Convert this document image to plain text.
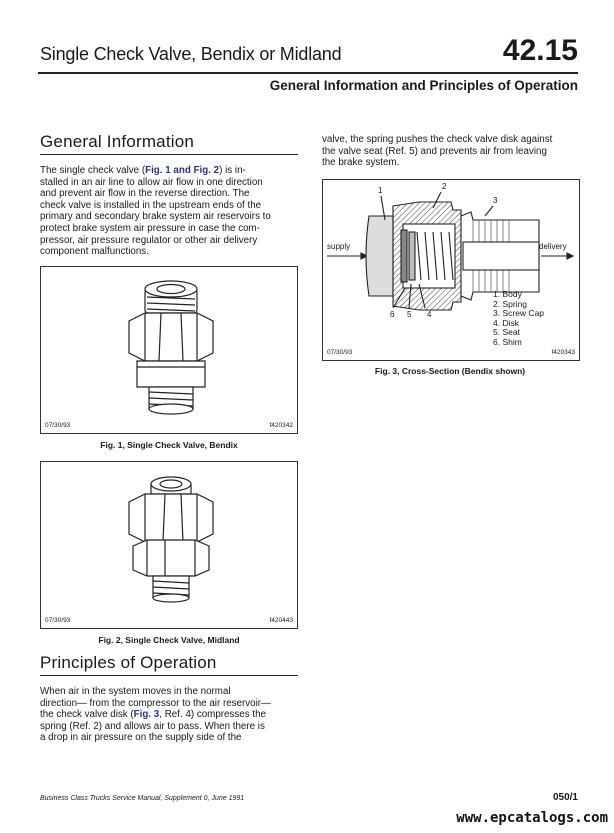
Single Check Valve, Bendix or Midland	42.15
General Information and Principles of Operation
General Information
The single check valve (Fig. 1 and Fig. 2) is in-
stalled in an air line to allow air flow in one direction
and prevent air flow in the reverse direction. The
check valve is installed in the upstream ends of the
primary and secondary brake system air reservoirs to
protect brake system air pressure in case the com-
pressor, air pressure regulator or other air delivery
component malfunctions.
07/30/93	f420342
Fig. 1, Single Check Valve, Bendix
07/30/93	f420443
Fig. 2, Single Check Valve, Midland
Principles of Operation
When air in the system moves in the normal
direction— from the compressor to the air reservoir—
the check valve disk (Fig. 3, Ref. 4) compresses the
spring (Ref. 2) and allows air to pass. When there is
a drop in air pressure on the supply side of the
valve, the spring pushes the check valve disk against
the valve seat (Ref. 5) and prevents air from leaving
the brake system.
supply	delivery
1	2
3
6 5 4
1. Body
2. Spring
3. Screw Cap
4. Disk
5. Seat
6. Shim
07/30/93	f420343
Fig. 3, Cross-Section (Bendix shown)
Business Class Trucks Service Manual, Supplement 0, June 1991	050/1
www.epcatalogs.com
